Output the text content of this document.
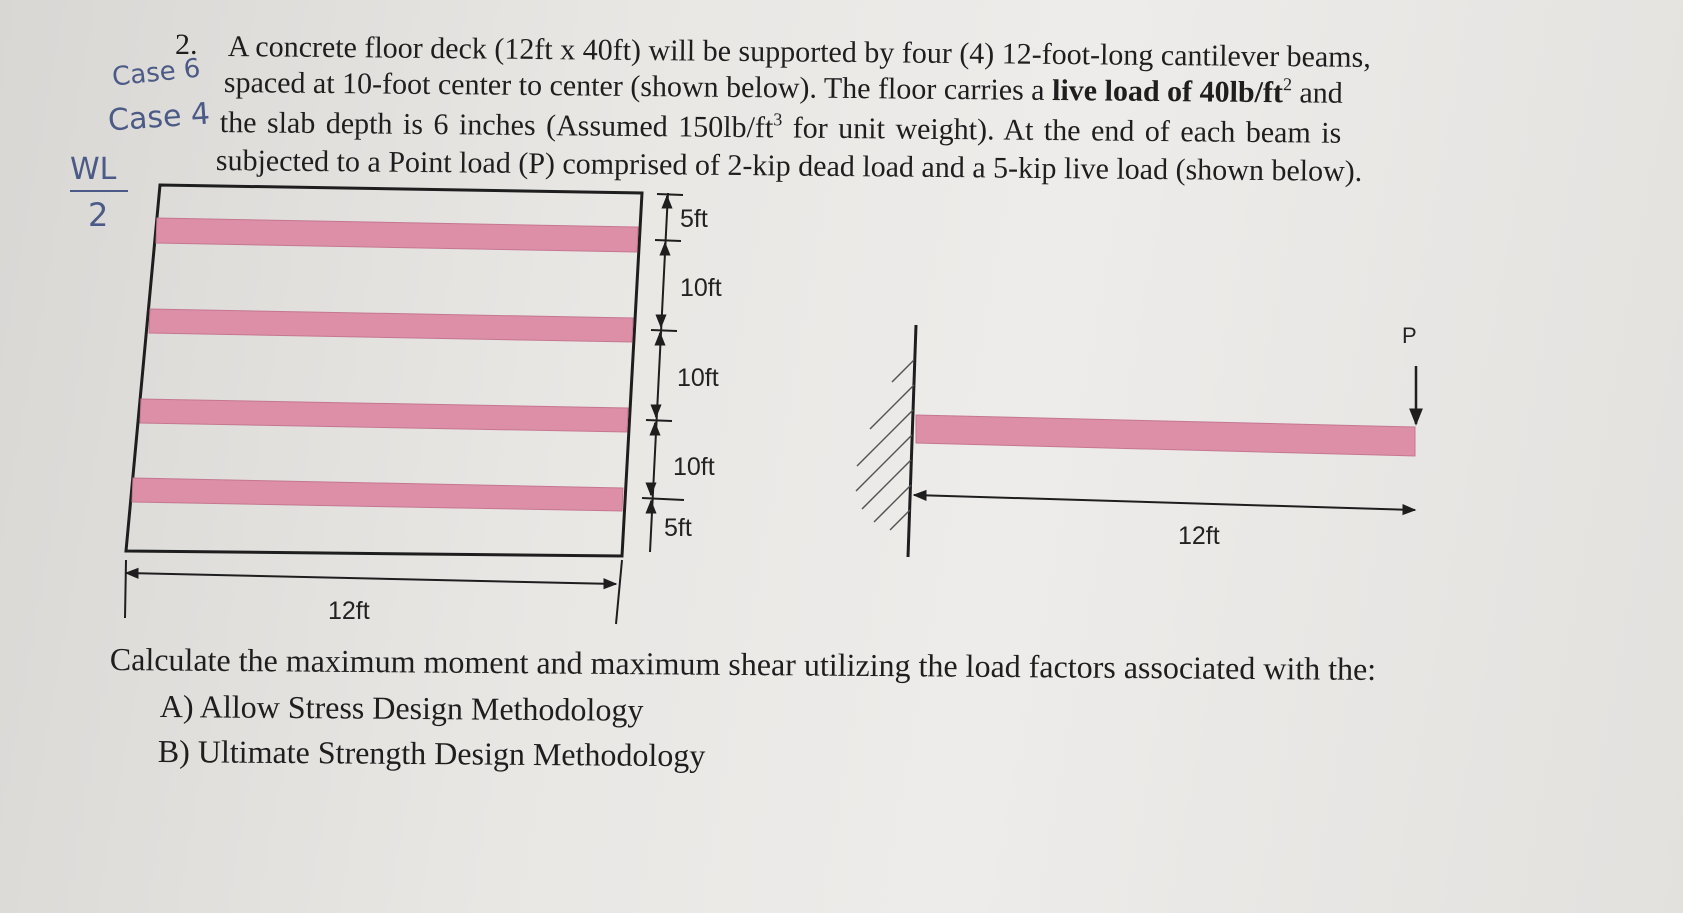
2. A concrete floor deck (12ft x 40ft) will be supported by four (4) 12-foot-long cantilever beams,
spaced at 10-foot center to center (shown below). The floor carries a live load of $40lb/ft^2$ and
the slab depth is 6 inches (Assumed $150lb/ft^3$ for unit weight). At the end of each beam is
subjected to a Point load (P) comprised of 2-kip dead load and a 5-kip live load (shown below).
Case 6
Case 4
WL
2	5ft
10ft
10ft
10ft
5ft
12ft
P
12ft
Calculate the maximum moment and maximum shear utilizing the load factors associated with the:
A) Allow Stress Design Methodology
B) Ultimate Strength Design Methodology
